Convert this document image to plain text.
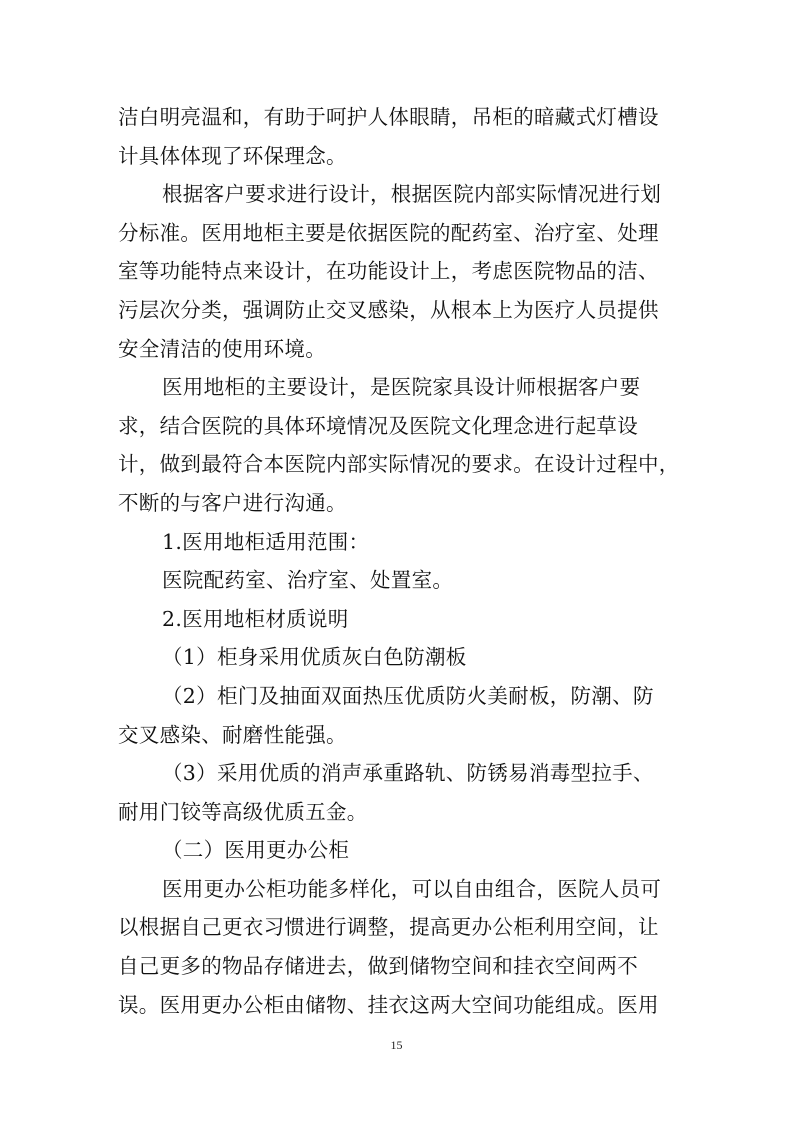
洁白明亮温和，有助于呵护人体眼睛，吊柜的暗藏式灯槽设
计具体体现了环保理念。
根据客户要求进行设计，根据医院内部实际情况进行划
分标准。医用地柜主要是依据医院的配药室、治疗室、处理
室等功能特点来设计，在功能设计上，考虑医院物品的洁、
污层次分类，强调防止交叉感染，从根本上为医疗人员提供
安全清洁的使用环境。
医用地柜的主要设计，是医院家具设计师根据客户要
求，结合医院的具体环境情况及医院文化理念进行起草设
计，做到最符合本医院内部实际情况的要求。在设计过程中，
不断的与客户进行沟通。
1.医用地柜适用范围：
医院配药室、治疗室、处置室。
2.医用地柜材质说明
（1）柜身采用优质灰白色防潮板
（2）柜门及抽面双面热压优质防火美耐板，防潮、防
交叉感染、耐磨性能强。
（3）采用优质的消声承重路轨、防锈易消毒型拉手、
耐用门铰等高级优质五金。
（二）医用更办公柜
医用更办公柜功能多样化，可以自由组合，医院人员可
以根据自己更衣习惯进行调整，提高更办公柜利用空间，让
自己更多的物品存储进去，做到储物空间和挂衣空间两不
误。医用更办公柜由储物、挂衣这两大空间功能组成。医用
15
